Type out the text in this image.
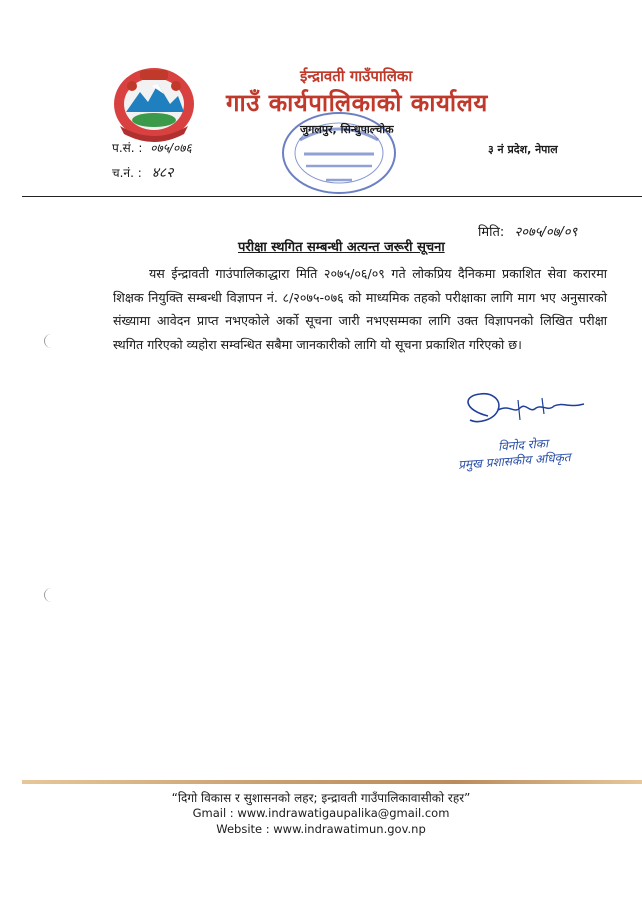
ईन्द्रावती गाउँपालिका
गाउँ कार्यपालिकाको कार्यालय
जुगलपुर, सिन्धुपाल्चोक
प.सं. : ०७५/०७६
च.नं. : ४८२
३ नं प्रदेश, नेपाल
मिति: २०७५/०७/०९
परीक्षा स्थगित सम्बन्धी अत्यन्त जरूरी सूचना
यस ईन्द्रावती गाउंपालिकाद्धारा मिति २०७५/०६/०९ गते लोकप्रिय दैनिकमा प्रकाशित सेवा करारमा शिक्षक नियुक्ति सम्बन्धी विज्ञापन नं. ८/२०७५-०७६ को माध्यमिक तहको परीक्षाका लागि माग भए अनुसारको संख्यामा आवेदन प्राप्त नभएकोले अर्को सूचना जारी नभएसम्मका लागि उक्त विज्ञापनको लिखित परीक्षा स्थगित गरिएको व्यहोरा सम्वन्धित सबैमा जानकारीको लागि यो सूचना प्रकाशित गरिएको छ।
विनोद रोका
प्रमुख प्रशासकीय अधिकृत
“दिगो विकास र सुशासनको लहर; इन्द्रावती गाउँपालिकावासीको रहर”
Gmail : www.indrawatigaupalika@gmail.com
Website : www.indrawatimun.gov.np
